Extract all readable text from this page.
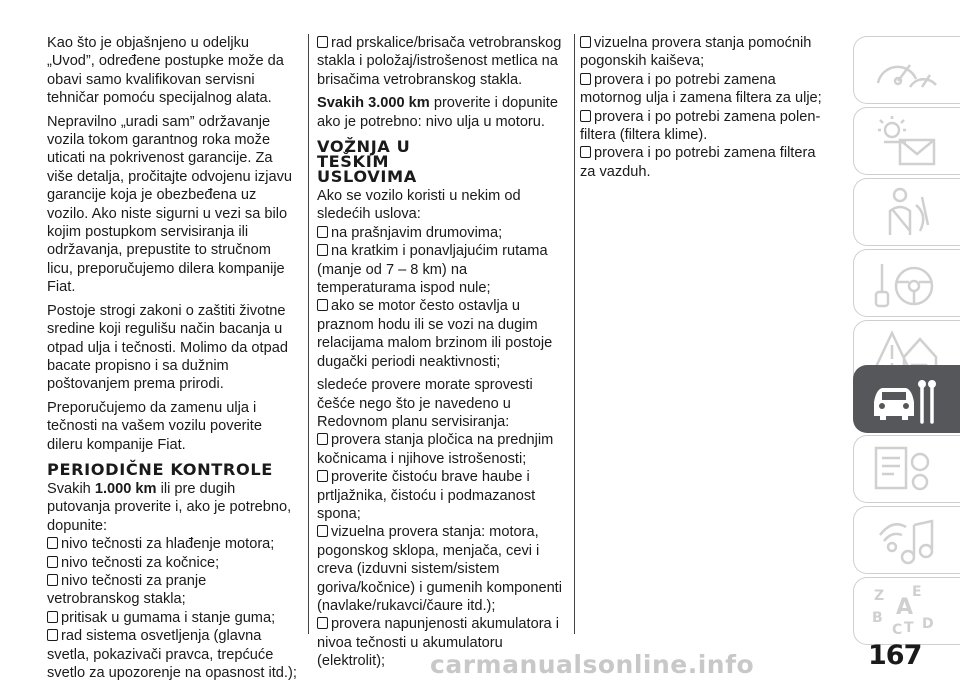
Kao što je objašnjeno u odeljku „Uvod”, određene postupke može da obavi samo kvalifikovan servisni tehničar pomoću specijalnog alata.

Nepravilno „uradi sam” održavanje vozila tokom garantnog roka može uticati na pokrivenost garancije. Za više detalja, pročitajte odvojenu izjavu garancije koja je obezbeđena uz vozilo. Ako niste sigurni u vezi sa bilo kojim postupkom servisiranja ili održavanja, prepustite to stručnom licu, preporučujemo dilera kompanije Fiat.

Postoje strogi zakoni o zaštiti životne sredine koji regulišu način bacanja u otpad ulja i tečnosti. Molimo da otpad bacate propisno i sa dužnim poštovanjem prema prirodi.

Preporučujemo da zamenu ulja i tečnosti na vašem vozilu poverite dileru kompanije Fiat.

PERIODIČNE KONTROLE

Svakih 1.000 km ili pre dugih putovanja proverite i, ako je potrebno, dopunite:

nivo tečnosti za hlađenje motora;
nivo tečnosti za kočnice;
nivo tečnosti za pranje vetrobranskog stakla;
pritisak u gumama i stanje guma;
rad sistema osvetljenja (glavna svetla, pokazivači pravca, trepćuće svetlo za upozorenje na opasnost itd.);
rad prskalice/brisača vetrobranskog stakla i položaj/istrošenost metlica na brisačima vetrobranskog stakla.

Svakih 3.000 km proverite i dopunite ako je potrebno: nivo ulja u motoru.

VOŽNJA U TEŠKIM USLOVIMA

Ako se vozilo koristi u nekim od sledećih uslova:

na prašnjavim drumovima;
na kratkim i ponavljajućim rutama (manje od 7 – 8 km) na temperaturama ispod nule;
ako se motor često ostavlja u praznom hodu ili se vozi na dugim relacijama malom brzinom ili postoje dugački periodi neaktivnosti;

sledeće provere morate sprovesti češće nego što je navedeno u Redovnom planu servisiranja:

provera stanja pločica na prednjim kočnicama i njihove istrošenosti;
proverite čistoću brave haube i prtljažnika, čistoću i podmazanost spona;
vizuelna provera stanja: motora, pogonskog sklopa, menjača, cevi i creva (izduvni sistem/sistem goriva/kočnice) i gumenih komponenti (navlake/rukavci/čaure itd.);
provera napunjenosti akumulatora i nivoa tečnosti u akumulatoru (elektrolit);
vizuelna provera stanja pomoćnih pogonskih kaiševa;
provera i po potrebi zamena motornog ulja i zamena filtera za ulje;
provera i po potrebi zamena polen-filtera (filtera klime).
provera i po potrebi zamena filtera za vazduh.
Z E
B
C T D
A
167
carmanualsonline.info
